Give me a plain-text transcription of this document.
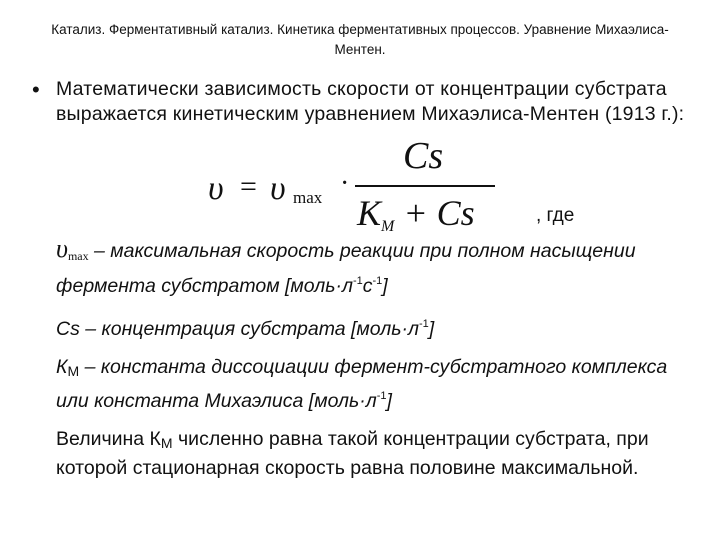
Катализ. Ферментативный катализ. Кинетика ферментативных процессов. Уравнение Михаэлиса-Ментен.
• Математически зависимость скорости от концентрации субстрата выражается кинетическим уравнением Михаэлиса-Ментен (1913 г.):
υ = υ max ·
Cs
$K_M + Cs$	, где
$\upsilon_{max}$ – максимальная скорость реакции при полном насыщении фермента субстратом $[моль\cdot л^{-1}с^{-1}]$
Cs – концентрация субстрата $[моль\cdot л^{-1}]$
КМ – константа диссоциации фермент-субстратного комплекса или константа Михаэлиса $[моль\cdot л^{-1}]$
Величина КМ численно равна такой концентрации субстрата, при которой стационарная скорость равна половине максимальной.
